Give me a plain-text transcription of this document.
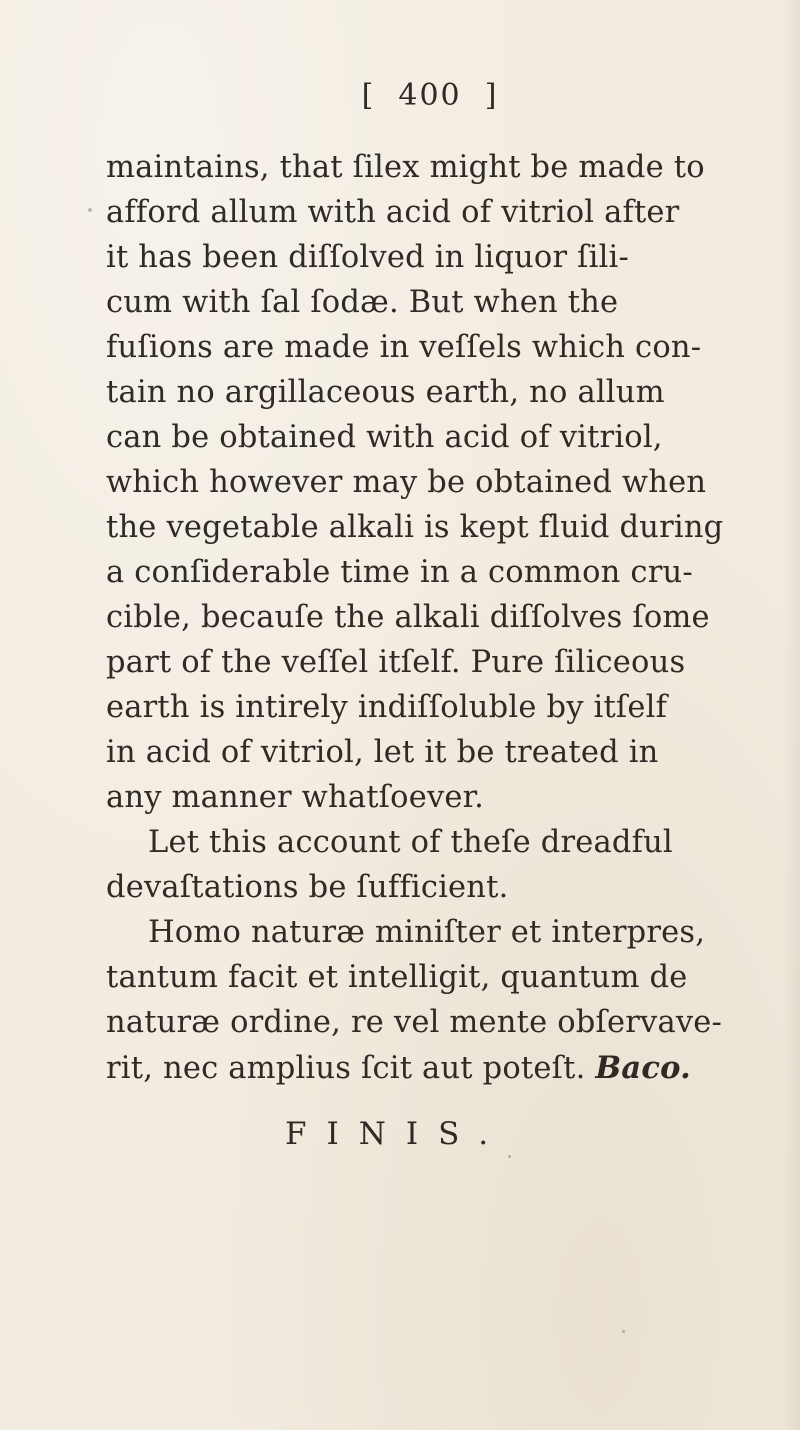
[  400  ]
maintains, that ſilex might be made to
afford allum with acid of vitriol after
it has been diſſolved in liquor ſili-
cum with ſal ſodæ. But when the
fuſions are made in veſſels which con-
tain no argillaceous earth, no allum
can be obtained with acid of vitriol,
which however may be obtained when
the vegetable alkali is kept fluid during
a conſiderable time in a common cru-
cible, becauſe the alkali diſſolves ſome
part of the veſſel itſelf. Pure ſiliceous
earth is intirely indiſſoluble by itſelf
in acid of vitriol, let it be treated in
any manner whatſoever.
Let this account of theſe dreadful
devaſtations be ſufficient.
Homo naturæ miniſter et interpres,
tantum facit et intelligit, quantum de
naturæ ordine, re vel mente obſervave-
rit, nec amplius ſcit aut poteſt. Baco.
FINIS.
